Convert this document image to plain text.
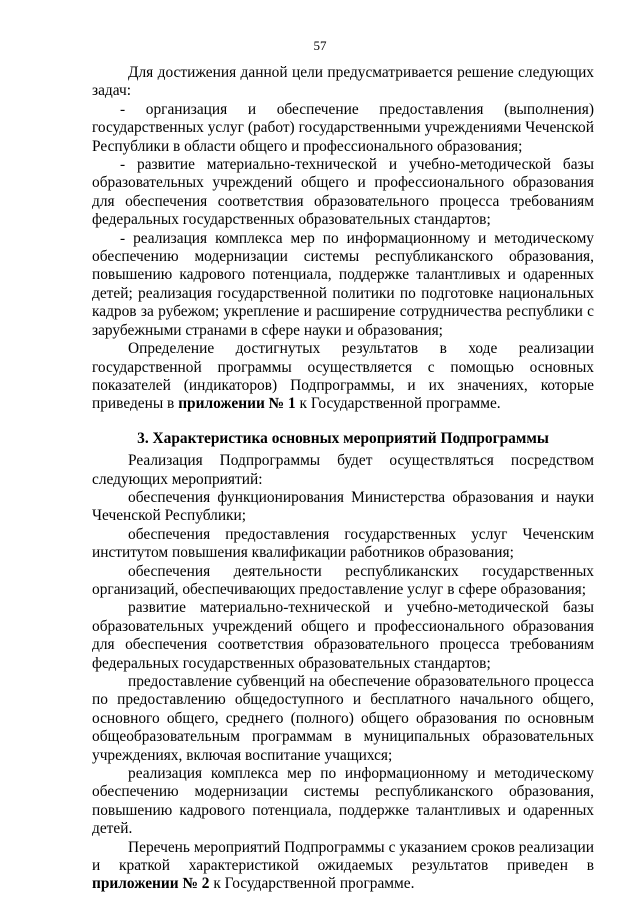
57

Для достижения данной цели предусматривается решение следующих задач:

- организация и обеспечение предоставления (выполнения) государственных услуг (работ) государственными учреждениями Чеченской Республики в области общего и профессионального образования;

- развитие материально-технической и учебно-методической базы образовательных учреждений общего и профессионального образования для обеспечения соответствия образовательного процесса требованиям федеральных государственных образовательных стандартов;

- реализация комплекса мер по информационному и методическому обеспечению модернизации системы республиканского образования, повышению кадрового потенциала, поддержке талантливых и одаренных детей; реализация государственной политики по подготовке национальных кадров за рубежом; укрепление и расширение сотрудничества республики с зарубежными странами в сфере науки и образования;

Определение достигнутых результатов в ходе реализации государственной программы осуществляется с помощью основных показателей (индикаторов) Подпрограммы, и их значениях, которые приведены в приложении № 1 к Государственной программе.

3. Характеристика основных мероприятий Подпрограммы

Реализация Подпрограммы будет осуществляться посредством следующих мероприятий:

обеспечения функционирования Министерства образования и науки Чеченской Республики;

обеспечения предоставления государственных услуг Чеченским институтом повышения квалификации работников образования;

обеспечения деятельности республиканских государственных организаций, обеспечивающих предоставление услуг в сфере образования;

развитие материально-технической и учебно-методической базы образовательных учреждений общего и профессионального образования для обеспечения соответствия образовательного процесса требованиям федеральных государственных образовательных стандартов;

предоставление субвенций на обеспечение образовательного процесса по предоставлению общедоступного и бесплатного начального общего, основного общего, среднего (полного) общего образования по основным общеобразовательным программам в муниципальных образовательных учреждениях, включая воспитание учащихся;

реализация комплекса мер по информационному и методическому обеспечению модернизации системы республиканского образования, повышению кадрового потенциала, поддержке талантливых и одаренных детей.

Перечень мероприятий Подпрограммы с указанием сроков реализации и краткой характеристикой ожидаемых результатов приведен в приложении № 2 к Государственной программе.
